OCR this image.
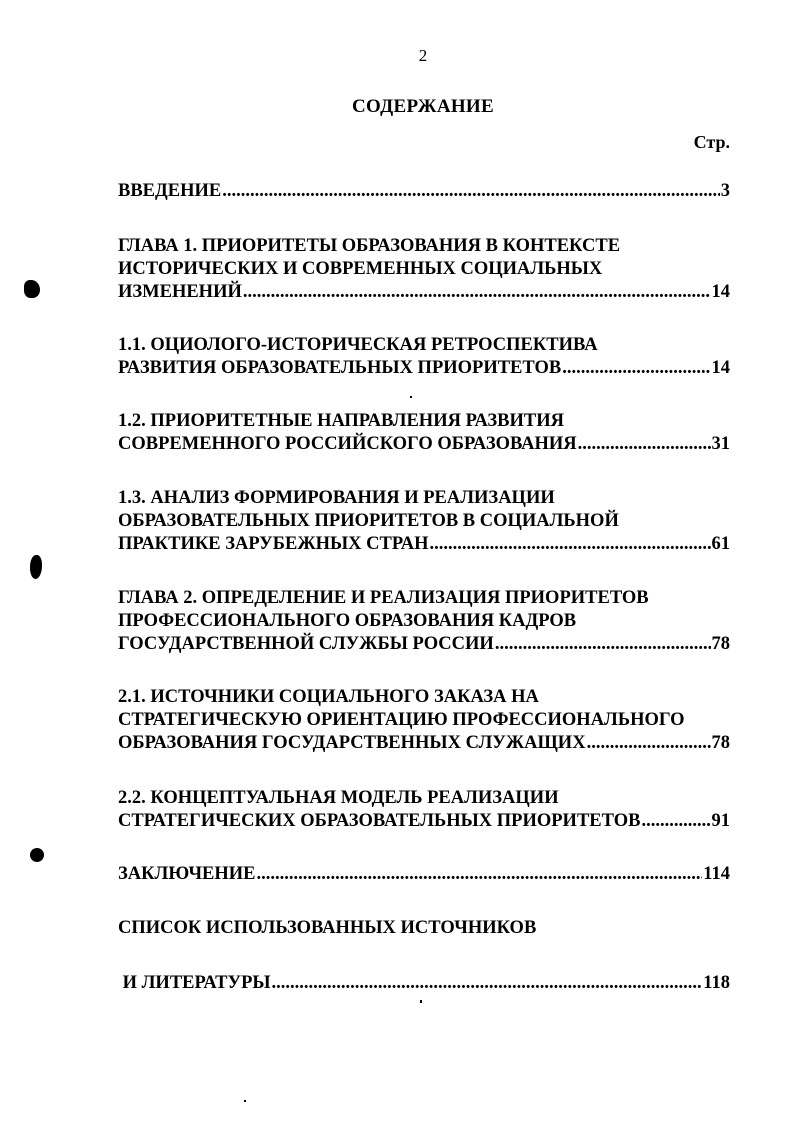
2
СОДЕРЖАНИЕ
Стр.
ВВЕДЕНИЕ .....	3
ГЛАВА 1. ПРИОРИТЕТЫ ОБРАЗОВАНИЯ В КОНТЕКСТЕ
ИСТОРИЧЕСКИХ И СОВРЕМЕННЫХ СОЦИАЛЬНЫХ
ИЗМЕНЕНИЙ .....	14
1.1. ОЦИОЛОГО-ИСТОРИЧЕСКАЯ РЕТРОСПЕКТИВА
РАЗВИТИЯ ОБРАЗОВАТЕЛЬНЫХ ПРИОРИТЕТОВ .....	14
1.2. ПРИОРИТЕТНЫЕ НАПРАВЛЕНИЯ РАЗВИТИЯ
СОВРЕМЕННОГО РОССИЙСКОГО ОБРАЗОВАНИЯ .....	31
1.3. АНАЛИЗ ФОРМИРОВАНИЯ И РЕАЛИЗАЦИИ
ОБРАЗОВАТЕЛЬНЫХ ПРИОРИТЕТОВ В СОЦИАЛЬНОЙ
ПРАКТИКЕ ЗАРУБЕЖНЫХ СТРАН .....	61
ГЛАВА 2. ОПРЕДЕЛЕНИЕ И РЕАЛИЗАЦИЯ ПРИОРИТЕТОВ
ПРОФЕССИОНАЛЬНОГО ОБРАЗОВАНИЯ КАДРОВ
ГОСУДАРСТВЕННОЙ СЛУЖБЫ РОССИИ .....	78
2.1. ИСТОЧНИКИ СОЦИАЛЬНОГО ЗАКАЗА НА
СТРАТЕГИЧЕСКУЮ ОРИЕНТАЦИЮ ПРОФЕССИОНАЛЬНОГО
ОБРАЗОВАНИЯ ГОСУДАРСТВЕННЫХ СЛУЖАЩИХ .....	78
2.2. КОНЦЕПТУАЛЬНАЯ МОДЕЛЬ РЕАЛИЗАЦИИ
СТРАТЕГИЧЕСКИХ ОБРАЗОВАТЕЛЬНЫХ ПРИОРИТЕТОВ .....	91
ЗАКЛЮЧЕНИЕ .....	114
СПИСОК ИСПОЛЬЗОВАННЫХ ИСТОЧНИКОВ
И ЛИТЕРАТУРЫ .....	118
